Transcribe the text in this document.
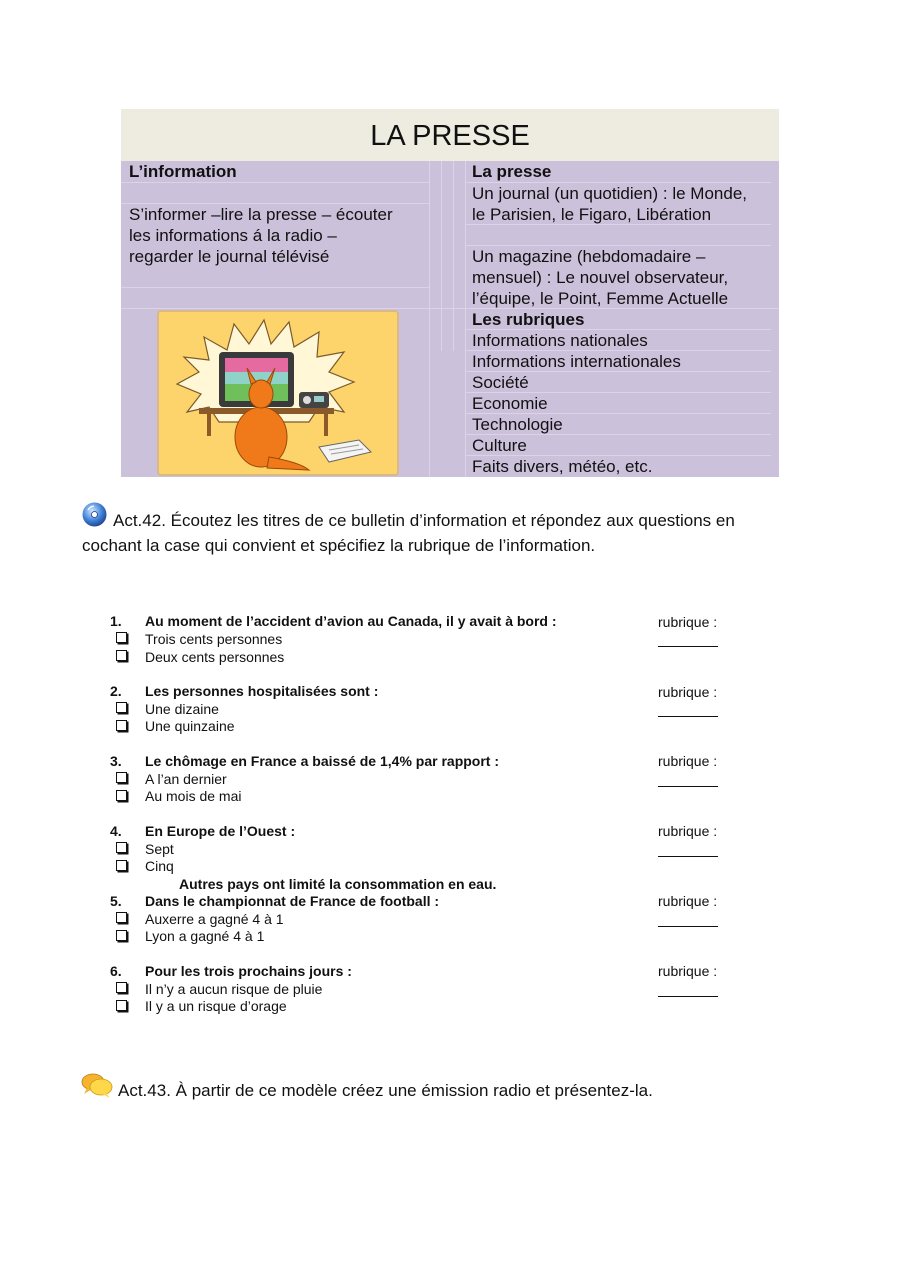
LA PRESSE
L’information
S’informer –lire la presse – écouter
les informations á la radio –
regarder le journal télévisé
La presse
Un journal (un quotidien) : le Monde,
le Parisien, le Figaro, Libération
Un magazine (hebdomadaire –
mensuel) : Le nouvel observateur,
l’équipe, le Point, Femme Actuelle
Les rubriques
Informations nationales
Informations internationales
Société
Economie
Technologie
Culture
Faits divers, météo, etc.
Act.42. Écoutez les titres de ce bulletin d’information et répondez aux questions en
cochant la case qui convient et spécifiez la rubrique de l’information.
1. Au moment de l’accident d’avion au Canada, il y avait à bord :
Trois cents personnes
Deux cents personnes
rubrique :
2. Les personnes hospitalisées sont :
Une dizaine
Une quinzaine
rubrique :
3. Le chômage en France a baissé de 1,4% par rapport :
A l’an dernier
Au mois de mai
rubrique :
4. En Europe de l’Ouest :
Sept
Cinq
rubrique :
Autres pays ont limité la consommation en eau.
5. Dans le championnat de France de football :
Auxerre a gagné 4 à 1
Lyon a gagné 4 à 1
rubrique :
6. Pour les trois prochains jours :
Il n’y a aucun risque de pluie
Il y a un risque d’orage
rubrique :
Act.43. À partir de ce modèle créez une émission radio et présentez-la.
